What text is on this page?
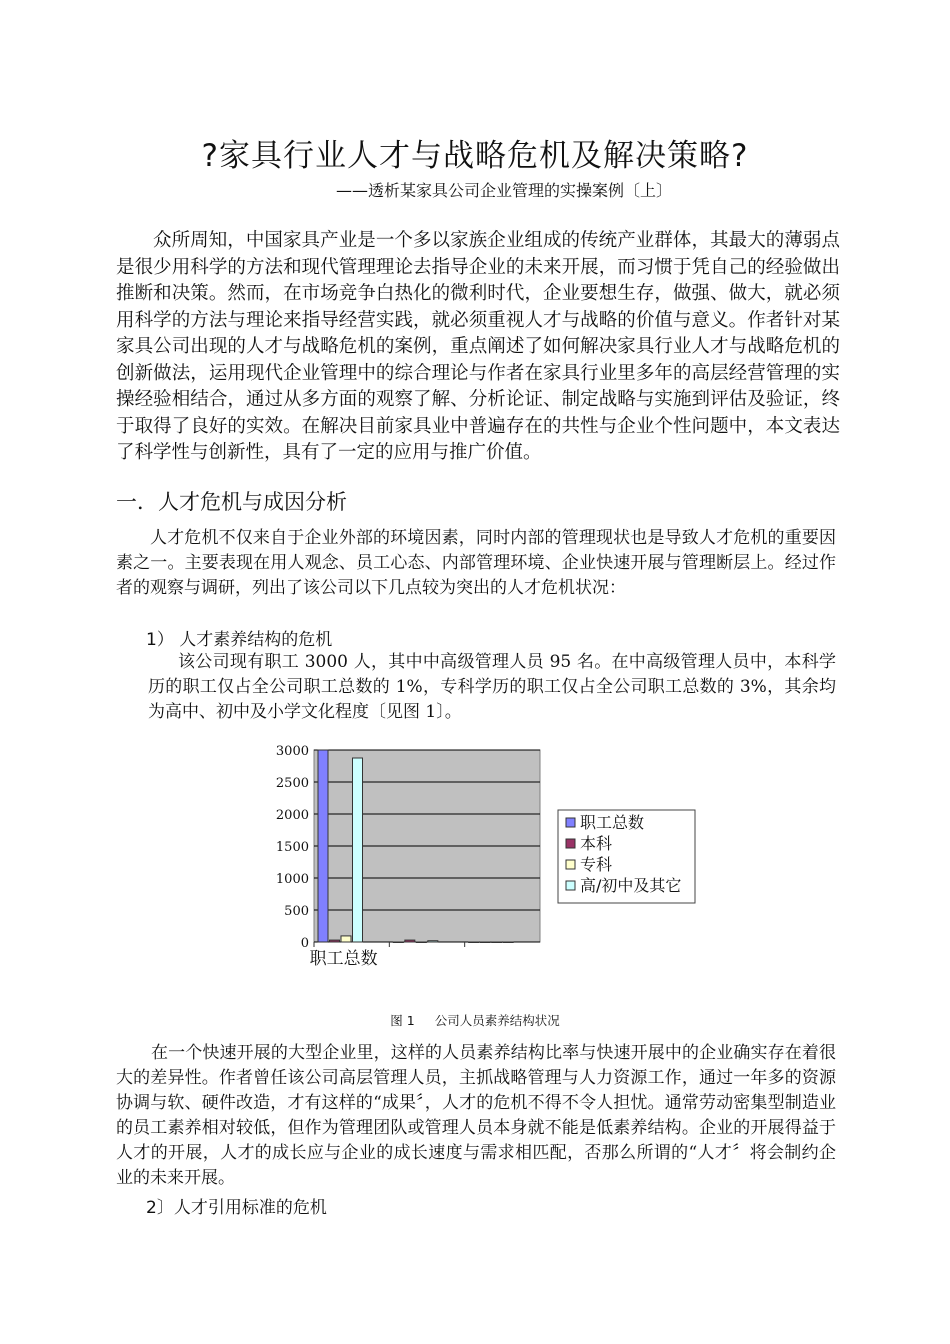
?家具行业人才与战略危机及解决策略?
——透析某家具公司企业管理的实操案例〔上〕

众所周知，中国家具产业是一个多以家族企业组成的传统产业群体，其最大的薄弱点是很少用科学的方法和现代管理理论去指导企业的未来开展，而习惯于凭自己的经验做出推断和决策。然而，在市场竞争白热化的微利时代，企业要想生存，做强、做大，就必须用科学的方法与理论来指导经营实践，就必须重视人才与战略的价值与意义。作者针对某家具公司出现的人才与战略危机的案例，重点阐述了如何解决家具行业人才与战略危机的创新做法，运用现代企业管理中的综合理论与作者在家具行业里多年的高层经营管理的实操经验相结合，通过从多方面的观察了解、分析论证、制定战略与实施到评估及验证，终于取得了良好的实效。在解决目前家具业中普遍存在的共性与企业个性问题中，本文表达了科学性与创新性，具有了一定的应用与推广价值。

一．人才危机与成因分析

人才危机不仅来自于企业外部的环境因素，同时内部的管理现状也是导致人才危机的重要因素之一。主要表现在用人观念、员工心态、内部管理环境、企业快速开展与管理断层上。经过作者的观察与调研，列出了该公司以下几点较为突出的人才危机状况：

1） 人才素养结构的危机

该公司现有职工 3000 人，其中中高级管理人员 95 名。在中高级管理人员中，本科学历的职工仅占全公司职工总数的 1%，专科学历的职工仅占全公司职工总数的 3%，其余均为高中、初中及小学文化程度〔见图 1〕。

0
500
1000
1500
2000
2500
3000
职工总数
职工总数
本科
专科
高/初中及其它
图 1 公司人员素养结构状况

在一个快速开展的大型企业里，这样的人员素养结构比率与快速开展中的企业确实存在着很大的差异性。作者曾任该公司高层管理人员，主抓战略管理与人力资源工作，通过一年多的资源协调与软、硬件改造，才有这样的“成果〞，人才的危机不得不令人担忧。通常劳动密集型制造业的员工素养相对较低，但作为管理团队或管理人员本身就不能是低素养结构。企业的开展得益于人才的开展，人才的成长应与企业的成长速度与需求相匹配，否那么所谓的“人才〞将会制约企业的未来开展。

2〕人才引用标准的危机
